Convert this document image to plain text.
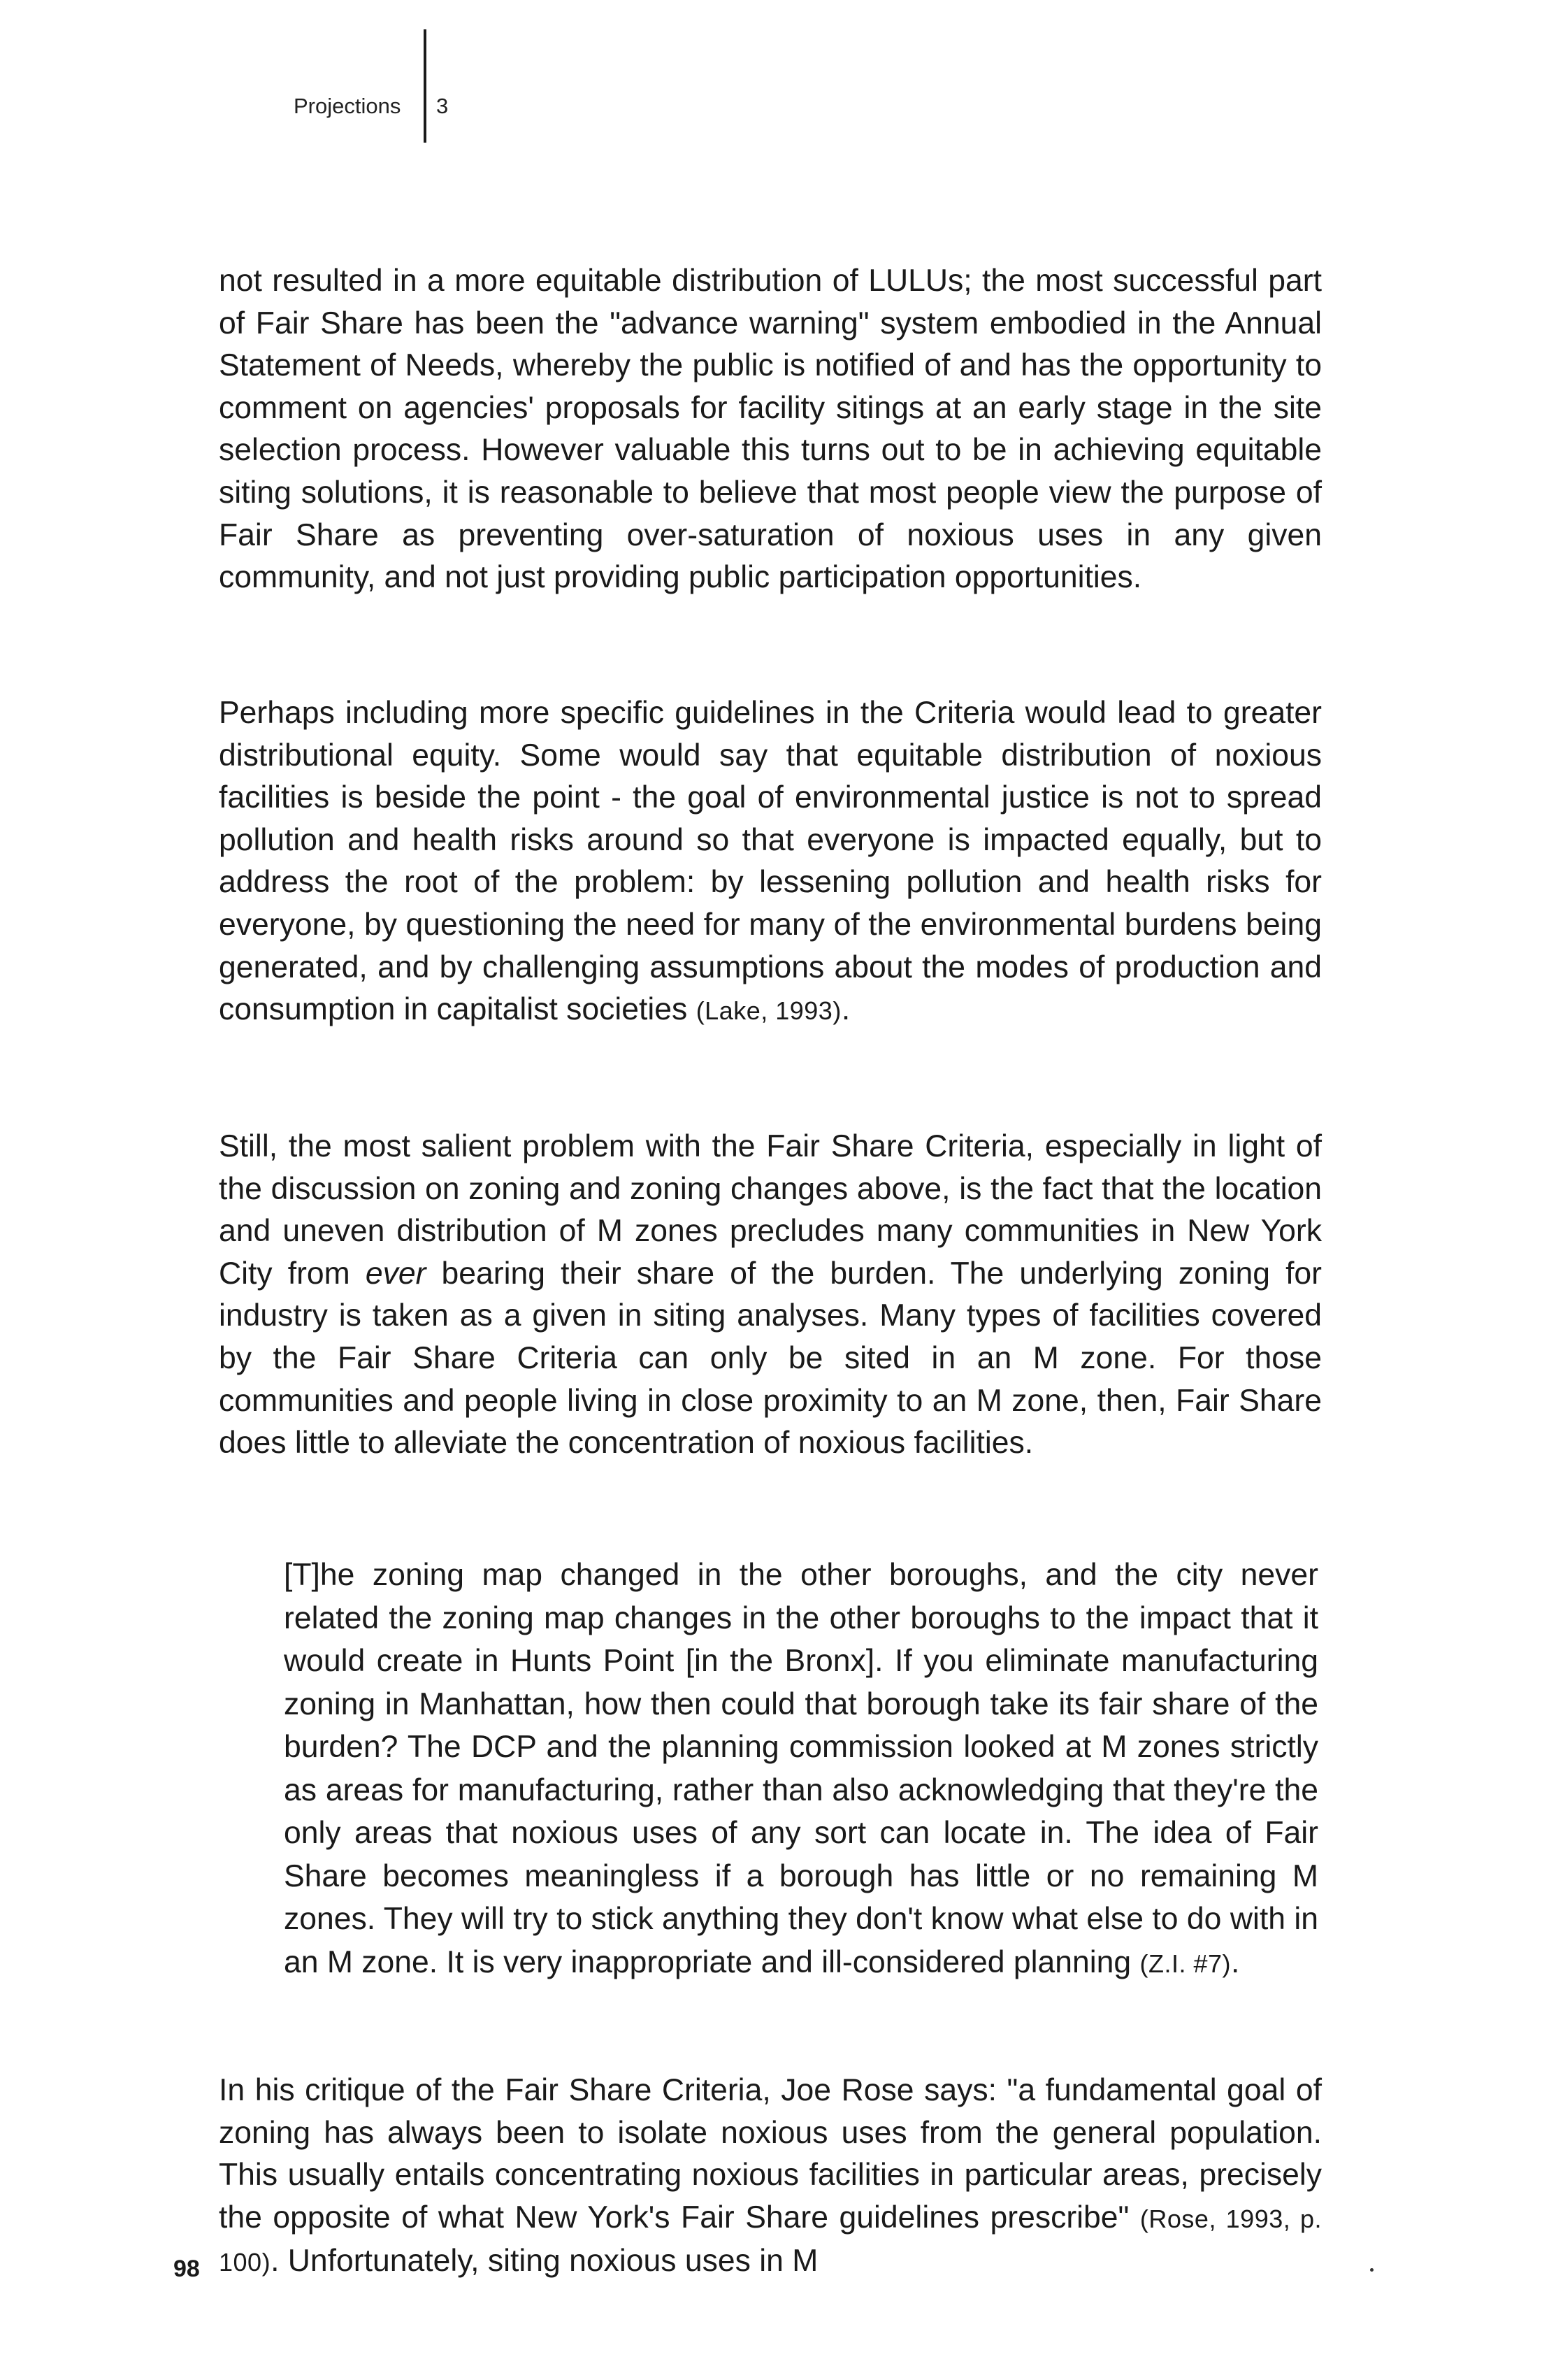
Projections 3

not resulted in a more equitable distribution of LULUs; the most successful part of Fair Share has been the "advance warning" system embodied in the Annual Statement of Needs, whereby the public is notified of and has the opportunity to comment on agencies' proposals for facility sitings at an early stage in the site selection process. However valuable this turns out to be in achieving equitable siting solutions, it is reasonable to believe that most people view the purpose of Fair Share as preventing over-saturation of noxious uses in any given community, and not just providing public participation opportunities.

Perhaps including more specific guidelines in the Criteria would lead to greater distributional equity. Some would say that equitable distribution of noxious facilities is beside the point - the goal of environmental justice is not to spread pollution and health risks around so that everyone is impacted equally, but to address the root of the problem: by lessening pollution and health risks for everyone, by questioning the need for many of the environmental burdens being generated, and by challenging assumptions about the modes of production and consumption in capitalist societies (Lake, 1993).

Still, the most salient problem with the Fair Share Criteria, especially in light of the discussion on zoning and zoning changes above, is the fact that the location and uneven distribution of M zones precludes many communities in New York City from ever bearing their share of the burden. The underlying zoning for industry is taken as a given in siting analyses. Many types of facilities covered by the Fair Share Criteria can only be sited in an M zone. For those communities and people living in close proximity to an M zone, then, Fair Share does little to alleviate the concentration of noxious facilities.

[T]he zoning map changed in the other boroughs, and the city never related the zoning map changes in the other boroughs to the impact that it would create in Hunts Point [in the Bronx]. If you eliminate manufacturing zoning in Manhattan, how then could that borough take its fair share of the burden? The DCP and the planning commission looked at M zones strictly as areas for manufacturing, rather than also acknowledging that they're the only areas that noxious uses of any sort can locate in. The idea of Fair Share becomes meaningless if a borough has little or no remaining M zones. They will try to stick anything they don't know what else to do with in an M zone. It is very inappropriate and ill-considered planning (Z.I. #7).

In his critique of the Fair Share Criteria, Joe Rose says: "a fundamental goal of zoning has always been to isolate noxious uses from the general population. This usually entails concentrating noxious facilities in particular areas, precisely the opposite of what New York's Fair Share guidelines prescribe" (Rose, 1993, p. 100). Unfortunately, siting noxious uses in M

98
